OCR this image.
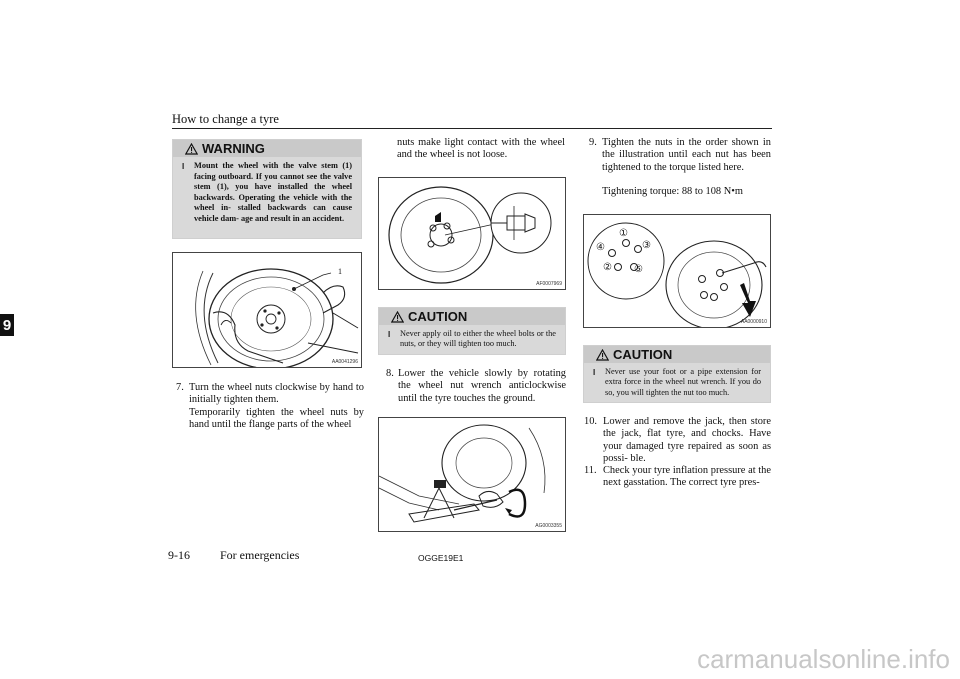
How to change a tyre
9
WARNING
l	Mount the wheel with the valve stem (1) facing outboard. If you cannot see the valve stem (1), you have installed the wheel backwards. Operating the vehicle with the wheel in- stalled backwards can cause vehicle dam- age and result in an accident.
1
AA0041296
7. Turn the wheel nuts clockwise by hand to initially tighten them.
Temporarily tighten the wheel nuts by hand until the flange parts of the wheel
nuts make light contact with the wheel and the wheel is not loose.
AF0007969
CAUTION
l	Never apply oil to either the wheel bolts or the nuts, or they will tighten too much.
8. Lower the vehicle slowly by rotating the wheel nut wrench anticlockwise until the tyre touches the ground.
AG0003355
9. Tighten the nuts in the order shown in the illustration until each nut has been tightened to the torque listed here.
Tightening torque: 88 to 108 N•m
①
②
③
④
⑤
AA0000910
CAUTION
l	Never use your foot or a pipe extension for extra force in the wheel nut wrench. If you do so, you will tighten the nut too much.
10. Lower and remove the jack, then store the jack, flat tyre, and chocks. Have your damaged tyre repaired as soon as possi- ble.
11. Check your tyre inflation pressure at the next gasstation. The correct tyre pres-
9-16	For emergencies	OGGE19E1
carmanualsonline.info
